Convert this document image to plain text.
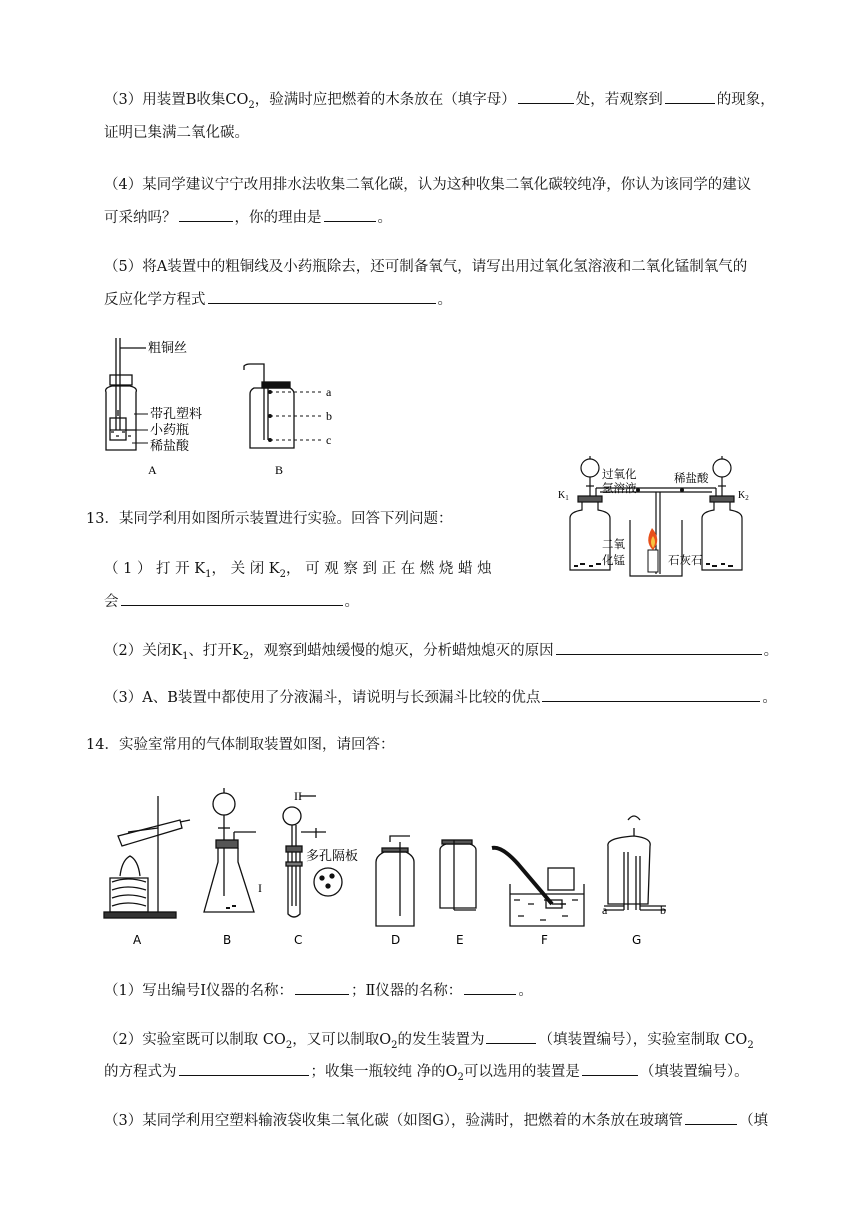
（3）用装置B收集$CO_2$，验满时应把燃着的木条放在（填字母）	处，若观察到	的现象，
证明已集满二氧化碳。
（4）某同学建议宁宁改用排水法收集二氧化碳，认为这种收集二氧化碳较纯净，你认为该同学的建议
可采纳吗？	，你的理由是	。
（5）将A装置中的粗铜线及小药瓶除去，还可制备氧气，请写出用过氧化氢溶液和二氧化锰制氧气的
反应化学方程式	。
粗铜丝
带孔塑料
小药瓶
稀盐酸
A
a
b
c
B	过氧化
氢溶液
稀盐酸
$K_1$	$K_2$
二氧
化锰	石灰石
13．某同学利用如图所示装置进行实验。回答下列问题：
（ 1 ） 打 开 $K_1$， 关 闭 $K_2$， 可 观 察 到 正 在 燃 烧 蜡 烛
会	。
（2）关闭$K_1$、打开$K_2$，观察到蜡烛缓慢的熄灭，分析蜡烛熄灭的原因	。
（3）A、B装置中都使用了分液漏斗，请说明与长颈漏斗比较的优点	。
14．实验室常用的气体制取装置如图，请回答：
II
I
多孔隔板
a	b
A	B	C	D	E	F	G
（1）写出编号Ⅰ仪器的名称：	；Ⅱ仪器的名称：	。
（2）实验室既可以制取 $CO_2$，又可以制取$O_2$的发生装置为	（填装置编号），实验室制取 $CO_2$
的方程式为	；收集一瓶较纯 净的$O_2$可以选用的装置是	（填装置编号）。
（3）某同学利用空塑料输液袋收集二氧化碳（如图G），验满时，把燃着的木条放在玻璃管	（填
